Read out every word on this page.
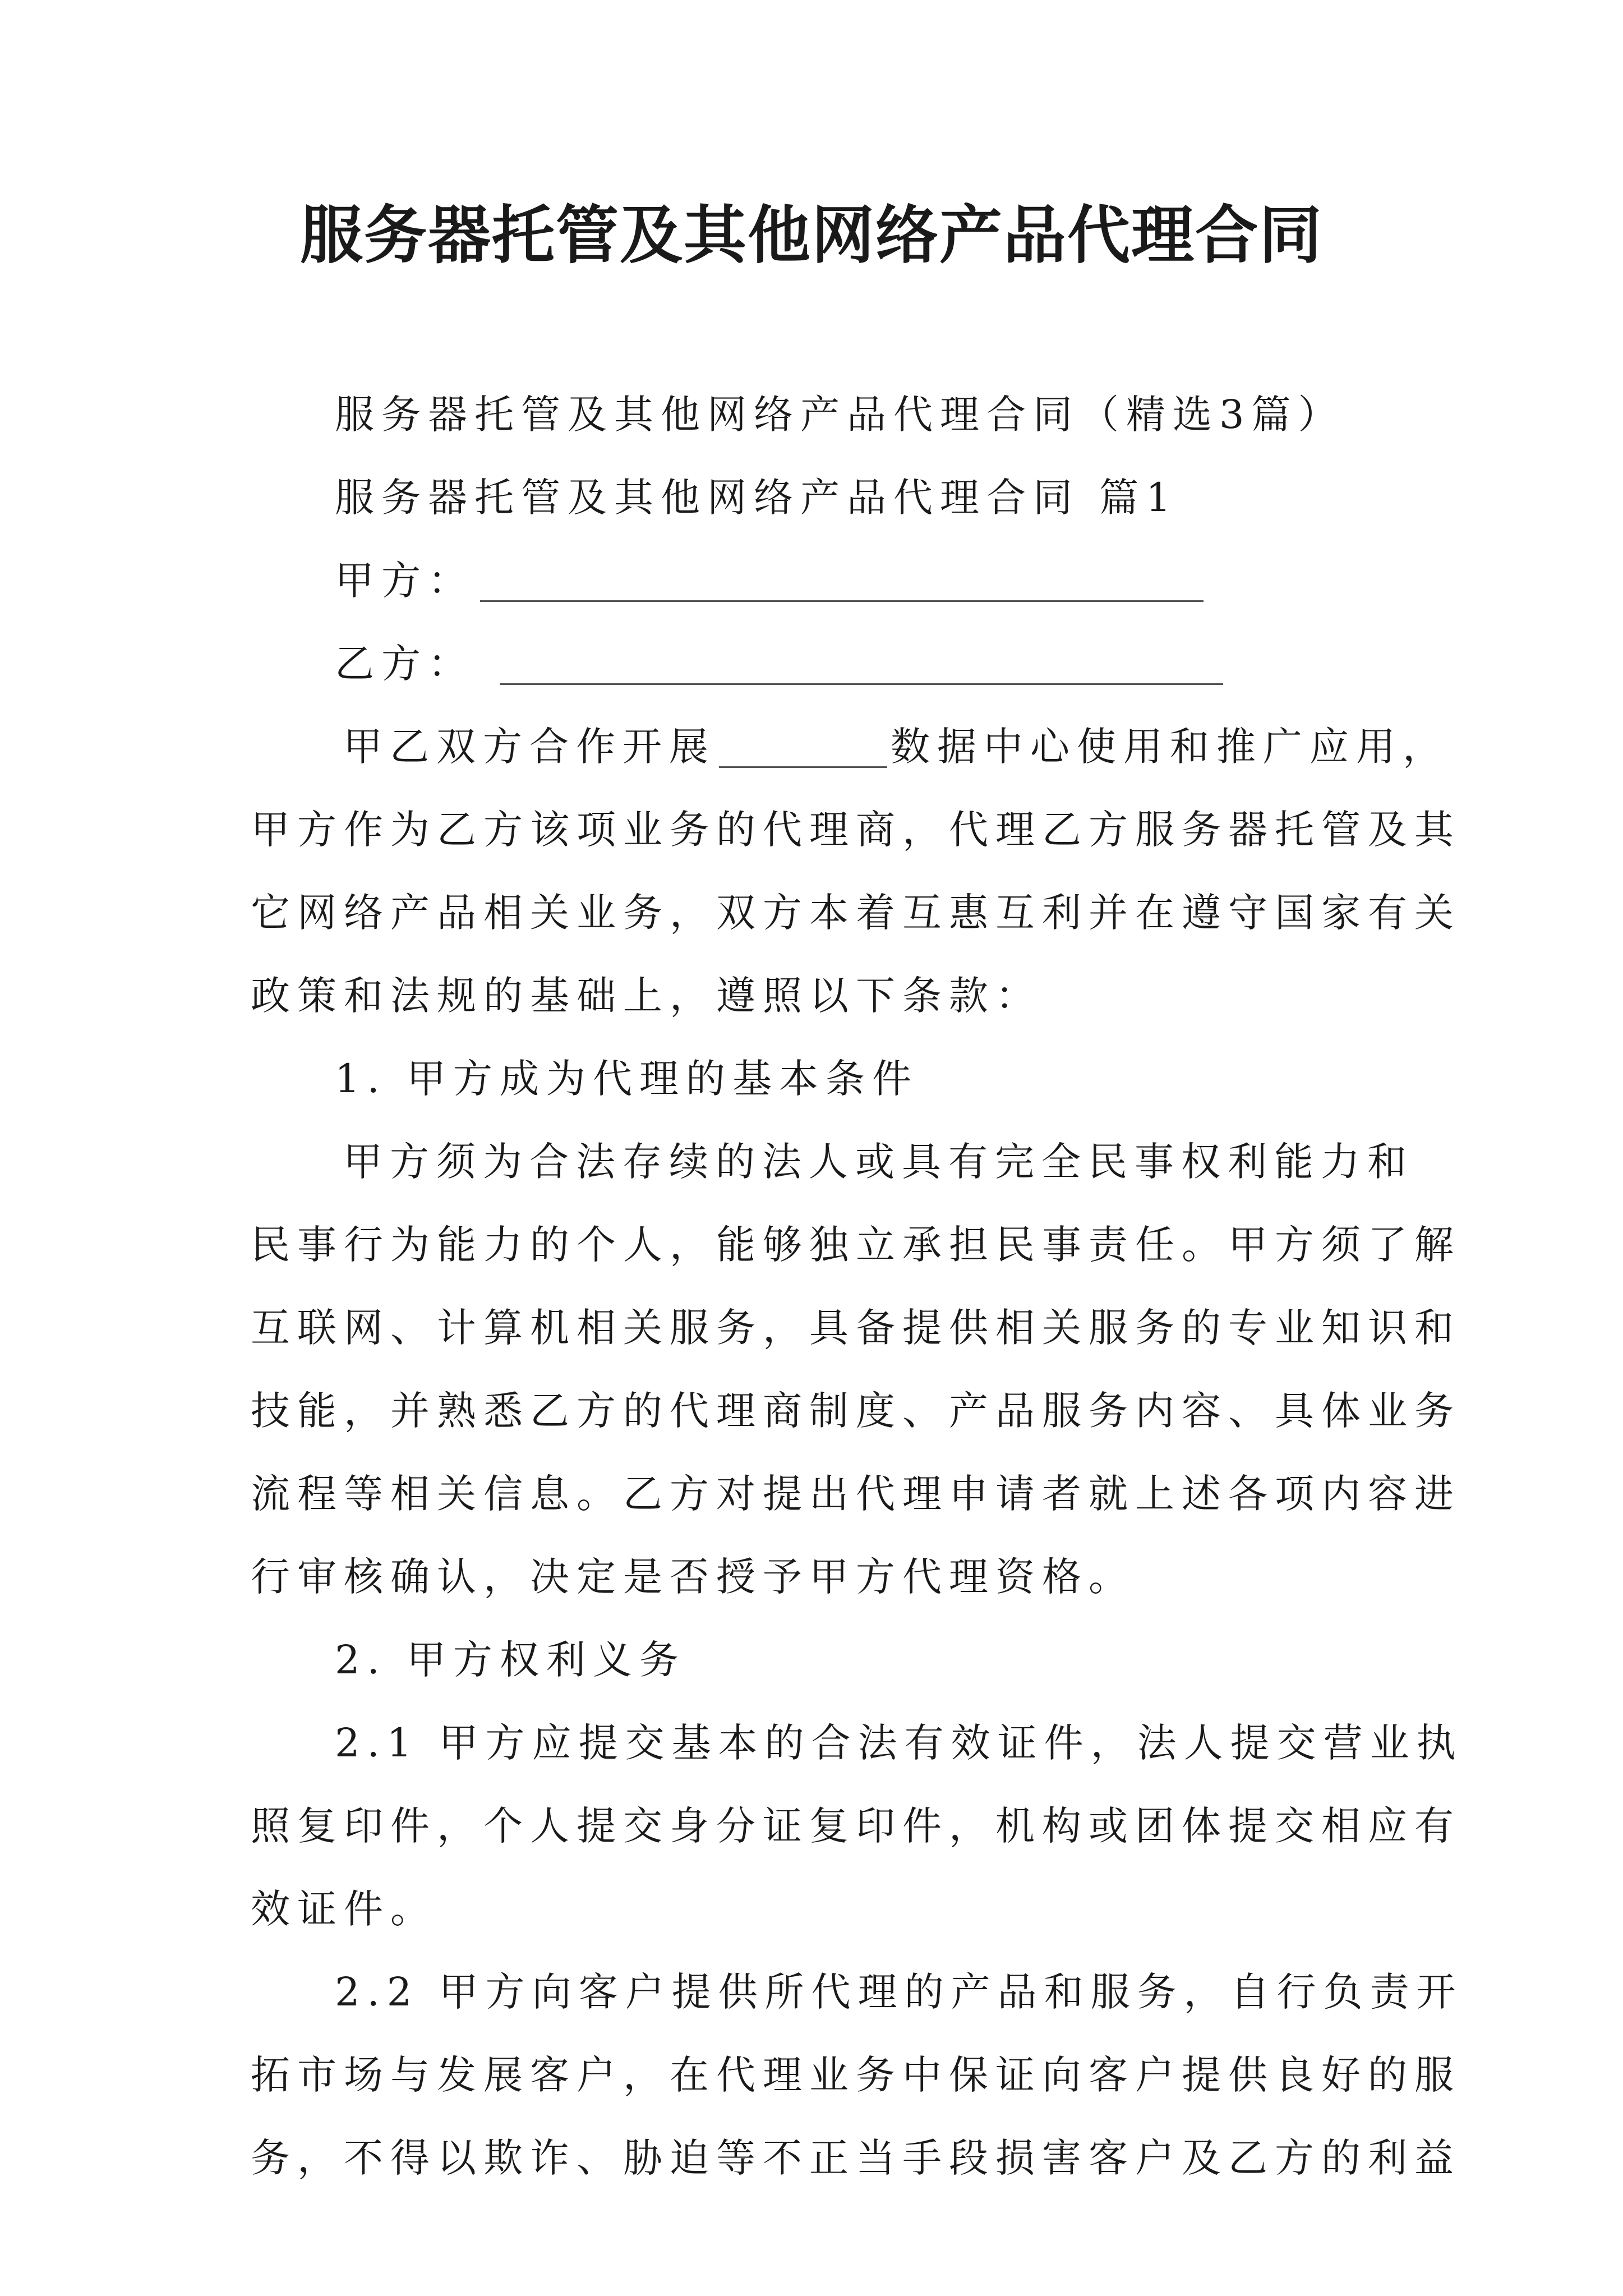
服务器托管及其他网络产品代理合同
服务器托管及其他网络产品代理合同（精选3篇）
服务器托管及其他网络产品代理合同 篇1
甲方：
乙方：
甲乙双方合作开展	数据中心使用和推广应用，
甲方作为乙方该项业务的代理商，代理乙方服务器托管及其
它网络产品相关业务，双方本着互惠互利并在遵守国家有关
政策和法规的基础上，遵照以下条款：
1. 甲方成为代理的基本条件
甲方须为合法存续的法人或具有完全民事权利能力和
民事行为能力的个人，能够独立承担民事责任。甲方须了解
互联网、计算机相关服务，具备提供相关服务的专业知识和
技能，并熟悉乙方的代理商制度、产品服务内容、具体业务
流程等相关信息。乙方对提出代理申请者就上述各项内容进
行审核确认，决定是否授予甲方代理资格。
2. 甲方权利义务
2.1 甲方应提交基本的合法有效证件，法人提交营业执
照复印件，个人提交身分证复印件，机构或团体提交相应有
效证件。
2.2 甲方向客户提供所代理的产品和服务，自行负责开
拓市场与发展客户，在代理业务中保证向客户提供良好的服
务，不得以欺诈、胁迫等不正当手段损害客户及乙方的利益
